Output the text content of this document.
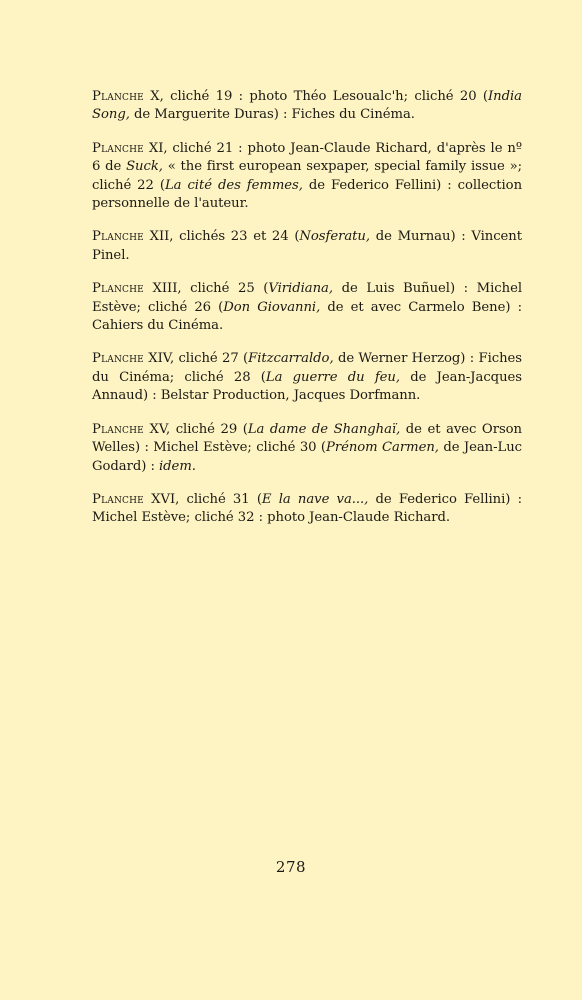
Planche X, cliché 19 : photo Théo Lesoualc'h; cliché 20 (India Song, de Marguerite Duras) : Fiches du Cinéma.

Planche XI, cliché 21 : photo Jean-Claude Richard, d'après le nº 6 de Suck, « the first european sexpaper, special family issue »; cliché 22 (La cité des femmes, de Federico Fellini) : collection personnelle de l'auteur.

Planche XII, clichés 23 et 24 (Nosferatu, de Murnau) : Vincent Pinel.

Planche XIII, cliché 25 (Viridiana, de Luis Buñuel) : Michel Estève; cliché 26 (Don Giovanni, de et avec Carmelo Bene) : Cahiers du Cinéma.

Planche XIV, cliché 27 (Fitzcarraldo, de Werner Herzog) : Fiches du Cinéma; cliché 28 (La guerre du feu, de Jean-Jacques Annaud) : Belstar Production, Jacques Dorfmann.

Planche XV, cliché 29 (La dame de Shanghaï, de et avec Orson Welles) : Michel Estève; cliché 30 (Prénom Carmen, de Jean-Luc Godard) : idem.

Planche XVI, cliché 31 (E la nave va..., de Federico Fellini) : Michel Estève; cliché 32 : photo Jean-Claude Richard.

278
